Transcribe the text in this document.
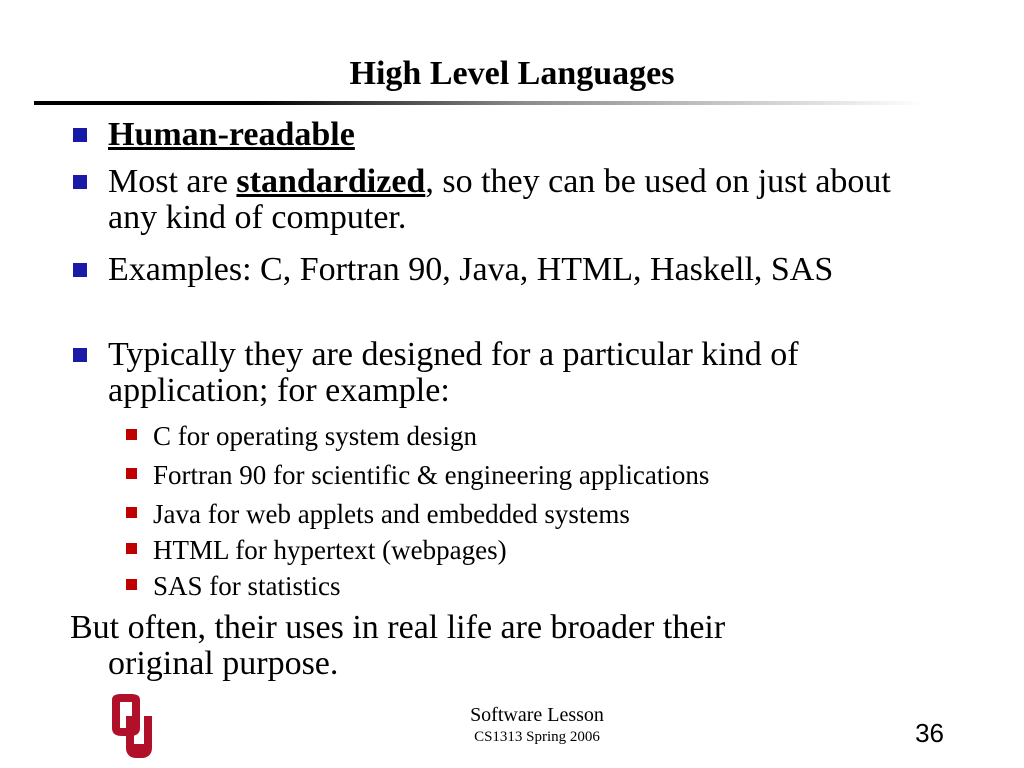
High Level Languages
Human-readable
Most are standardized, so they can be used on just about any kind of computer.
Examples: C, Fortran 90, Java, HTML, Haskell, SAS
Typically they are designed for a particular kind of application; for example:
C for operating system design
Fortran 90 for scientific & engineering applications
Java for web applets and embedded systems
HTML for hypertext (webpages)
SAS for statistics
But often, their uses in real life are broader their
original purpose.
Software Lesson
CS1313 Spring 2006	36
